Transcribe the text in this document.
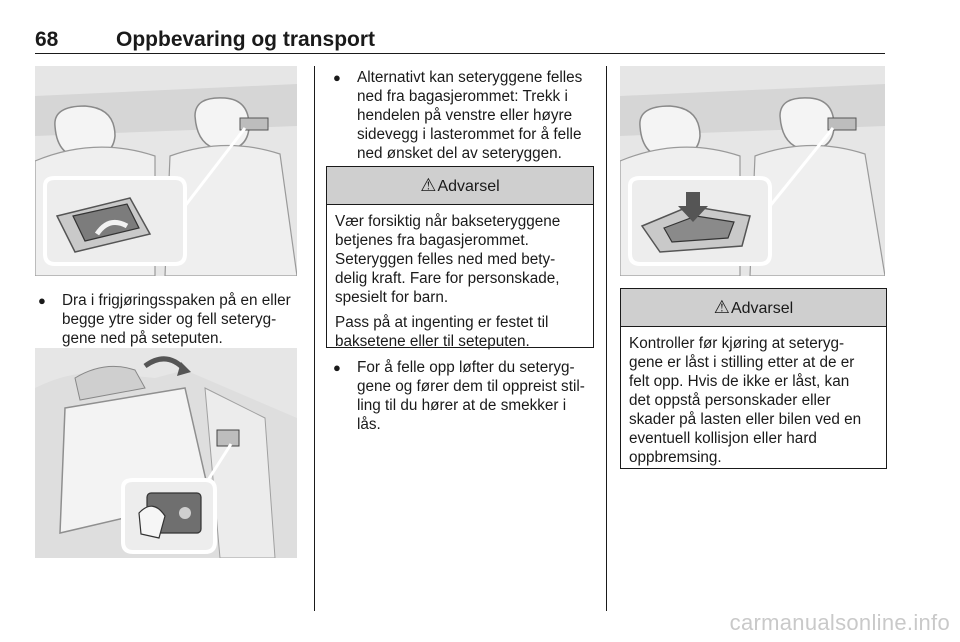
68	Oppbevaring og transport
● Dra i frigjøringsspaken på en eller
begge ytre sider og fell seteryg-
gene ned på seteputen.
● Alternativt kan seteryggene felles
ned fra bagasjerommet: Trekk i
hendelen på venstre eller høyre
sidevegg i lasterommet for å felle
ned ønsket del av seteryggen.
⚠Advarsel

Vær forsiktig når bakseteryggene
betjenes fra bagasjerommet.
Seteryggen felles ned med bety-
delig kraft. Fare for personskade,
spesielt for barn.

Pass på at ingenting er festet til
baksetene eller til seteputen.

● For å felle opp løfter du seteryg-
gene og fører dem til oppreist stil-
ling til du hører at de smekker i
lås.
⚠Advarsel

Kontroller før kjøring at seteryg-
gene er låst i stilling etter at de er
felt opp. Hvis de ikke er låst, kan
det oppstå personskader eller
skader på lasten eller bilen ved en
eventuell kollisjon eller hard
oppbremsing.

carmanualsonline.info
